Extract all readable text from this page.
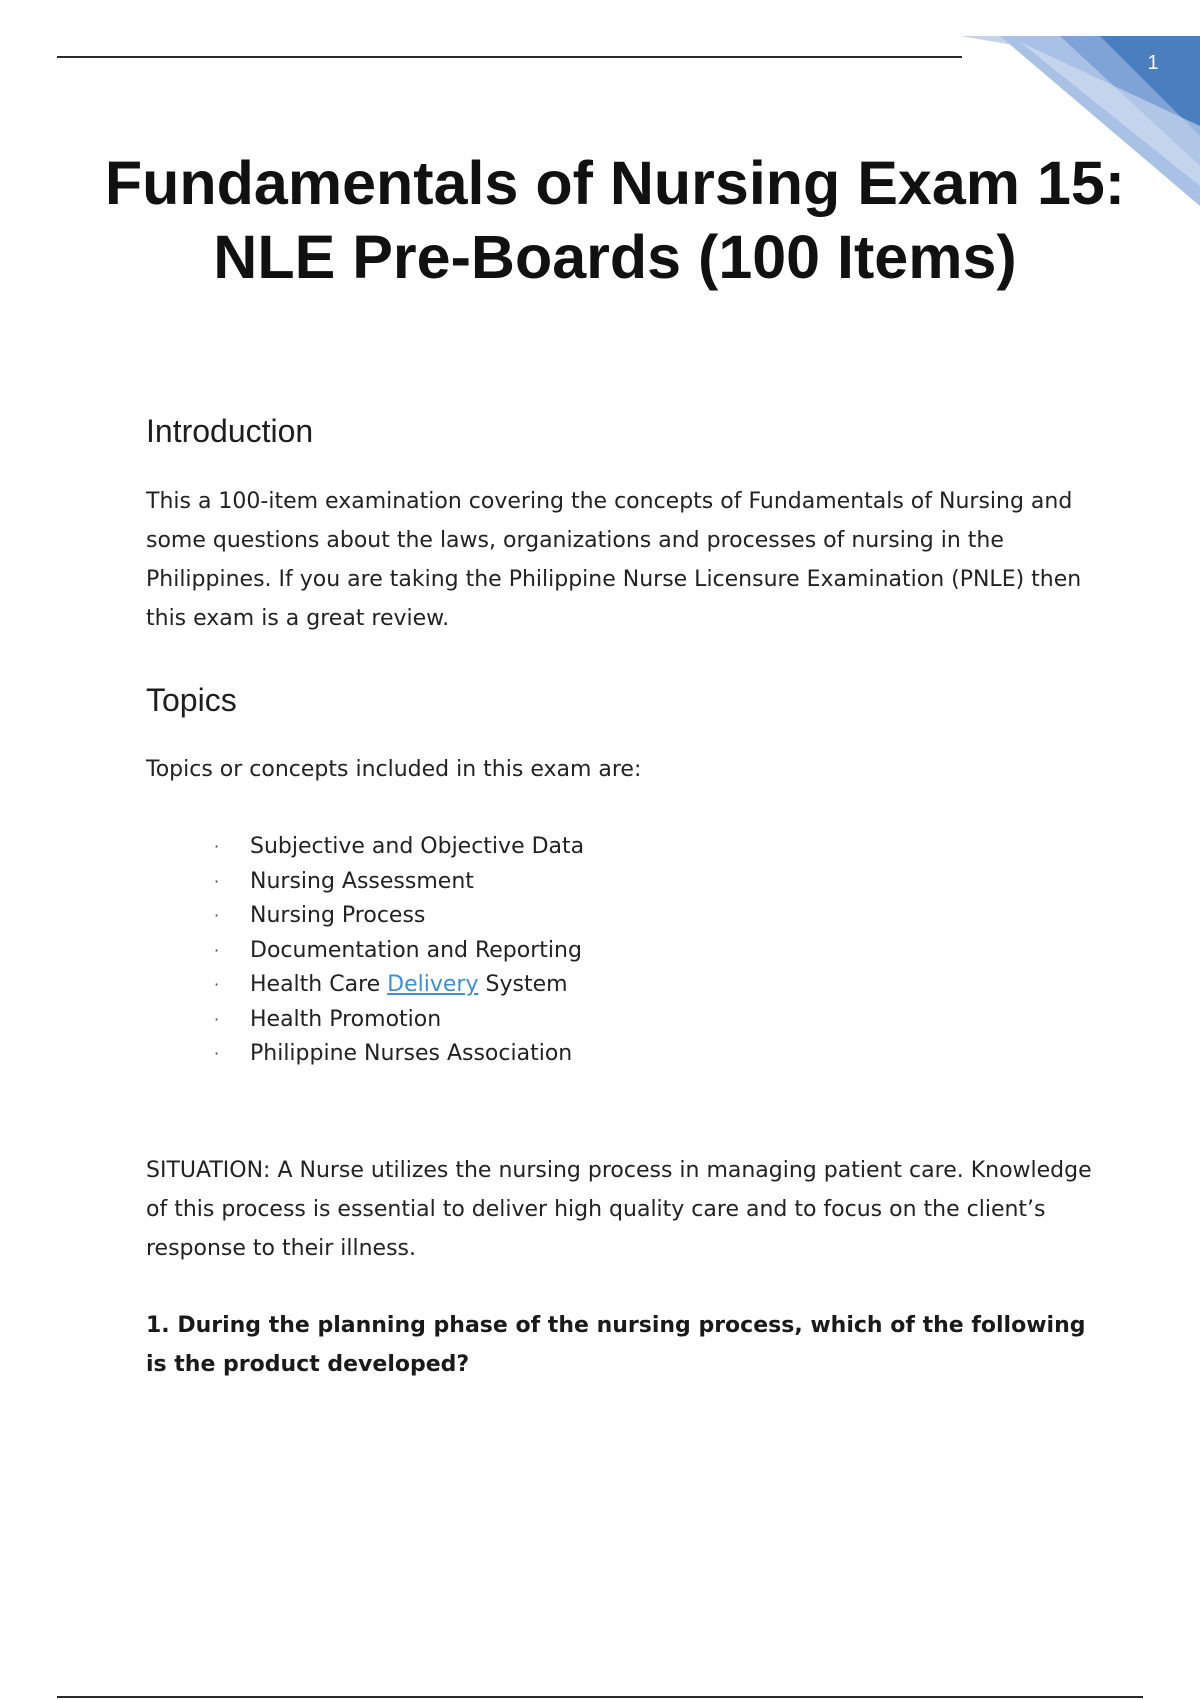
1
Fundamentals of Nursing Exam 15: NLE Pre-Boards (100 Items)
Introduction

This a 100-item examination covering the concepts of Fundamentals of Nursing and some questions about the laws, organizations and processes of nursing in the Philippines. If you are taking the Philippine Nurse Licensure Examination (PNLE) then this exam is a great review.

Topics

Topics or concepts included in this exam are:

· Subjective and Objective Data
· Nursing Assessment
· Nursing Process
· Documentation and Reporting
· Health Care Delivery System
· Health Promotion
· Philippine Nurses Association

SITUATION: A Nurse utilizes the nursing process in managing patient care. Knowledge of this process is essential to deliver high quality care and to focus on the client’s response to their illness.

1. During the planning phase of the nursing process, which of the following is the product developed?
